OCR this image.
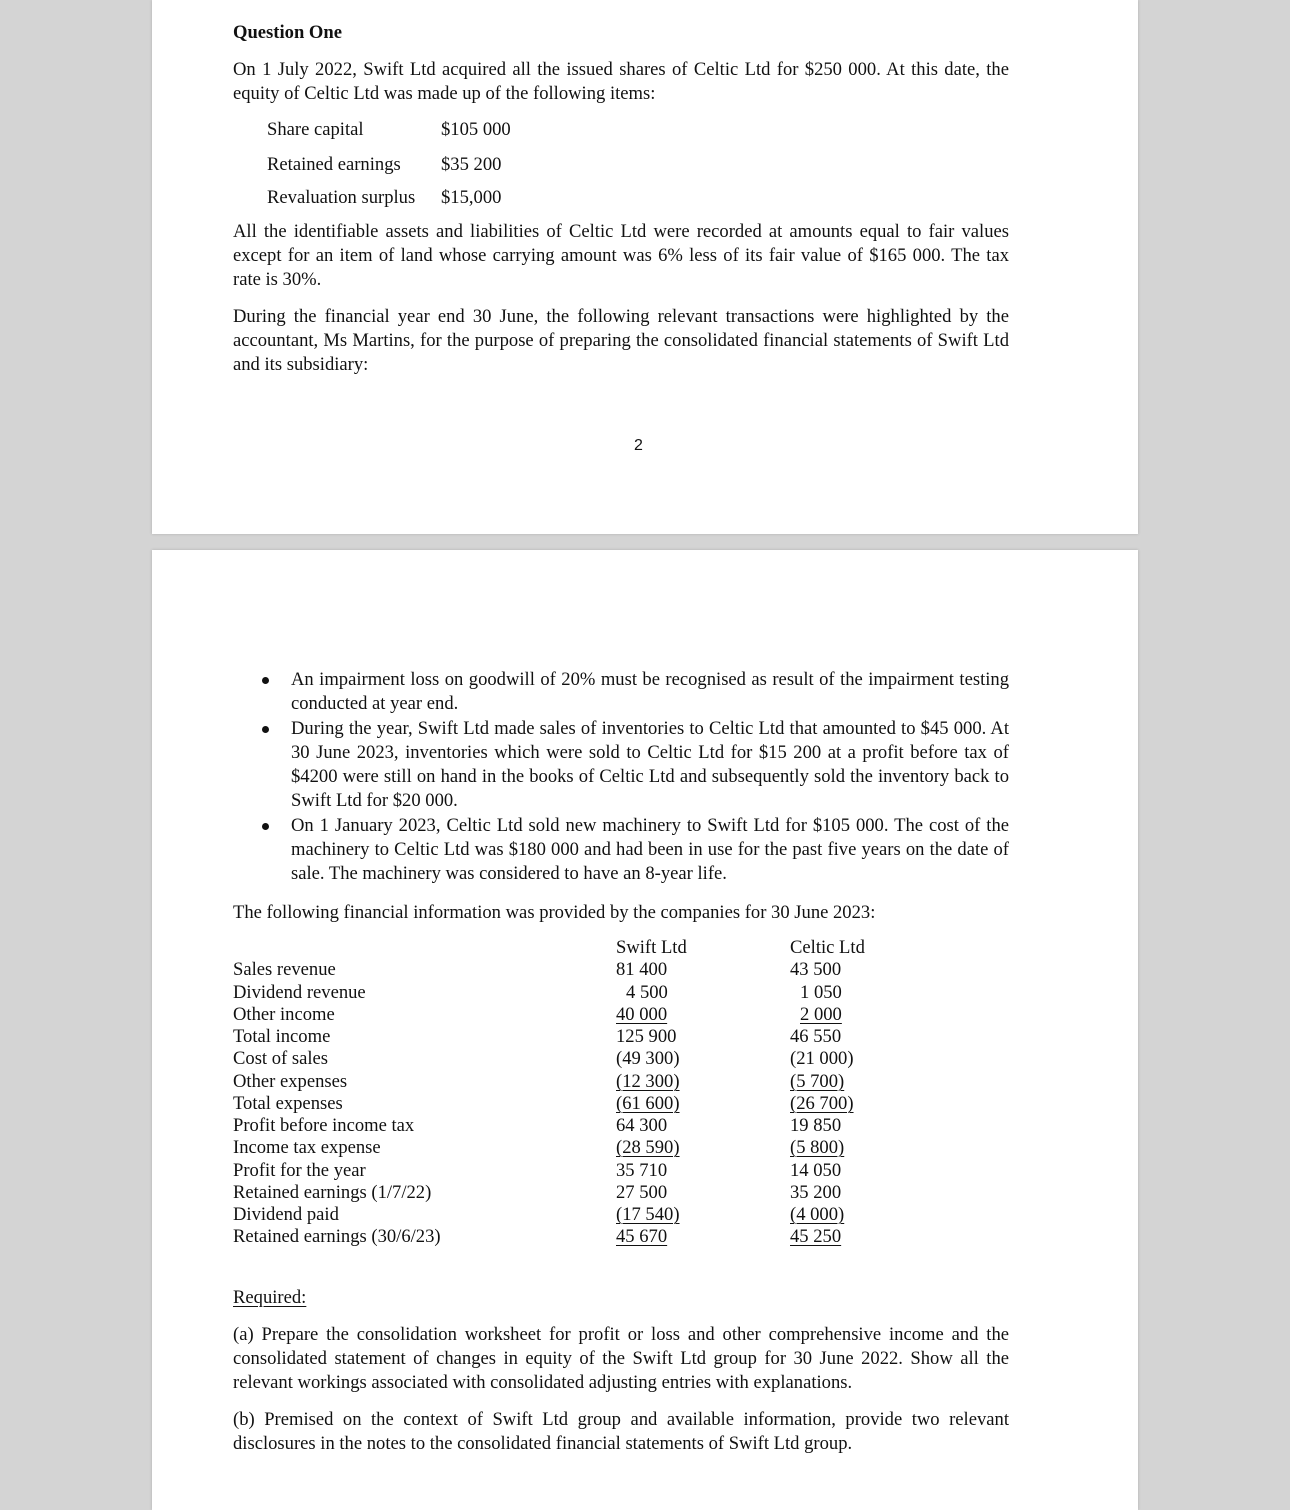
Question One
On 1 July 2022, Swift Ltd acquired all the issued shares of Celtic Ltd for $250 000. At this date, the equity of Celtic Ltd was made up of the following items:
Share capital	$105 000
Retained earnings $35 200
Revaluation surplus $15,000
All the identifiable assets and liabilities of Celtic Ltd were recorded at amounts equal to fair values except for an item of land whose carrying amount was 6% less of its fair value of $165 000. The tax rate is 30%.
During the financial year end 30 June, the following relevant transactions were highlighted by the accountant, Ms Martins, for the purpose of preparing the consolidated financial statements of Swift Ltd and its subsidiary:
2
An impairment loss on goodwill of 20% must be recognised as result of the impairment testing conducted at year end.
During the year, Swift Ltd made sales of inventories to Celtic Ltd that amounted to $45 000. At 30 June 2023, inventories which were sold to Celtic Ltd for $15 200 at a profit before tax of $4200 were still on hand in the books of Celtic Ltd and subsequently sold the inventory back to Swift Ltd for $20 000.
On 1 January 2023, Celtic Ltd sold new machinery to Swift Ltd for $105 000. The cost of the machinery to Celtic Ltd was $180 000 and had been in use for the past five years on the date of sale. The machinery was considered to have an 8-year life.
The following financial information was provided by the companies for 30 June 2023:
Swift Ltd	Celtic Ltd
Sales revenue	81 400	43 500
Dividend revenue	4 500	1 050
Other income	40 000	2 000
Total income	125 900	46 550
Cost of sales	(49 300)	(21 000)
Other expenses	(12 300)	(5 700)
Total expenses	(61 600)	(26 700)
Profit before income tax	64 300	19 850
Income tax expense	(28 590)	(5 800)
Profit for the year	35 710	14 050
Retained earnings (1/7/22)	27 500	35 200
Dividend paid	(17 540)	(4 000)
Retained earnings (30/6/23)	45 670	45 250
Required:
(a) Prepare the consolidation worksheet for profit or loss and other comprehensive income and the consolidated statement of changes in equity of the Swift Ltd group for 30 June 2022. Show all the relevant workings associated with consolidated adjusting entries with explanations.
(b) Premised on the context of Swift Ltd group and available information, provide two relevant disclosures in the notes to the consolidated financial statements of Swift Ltd group.
